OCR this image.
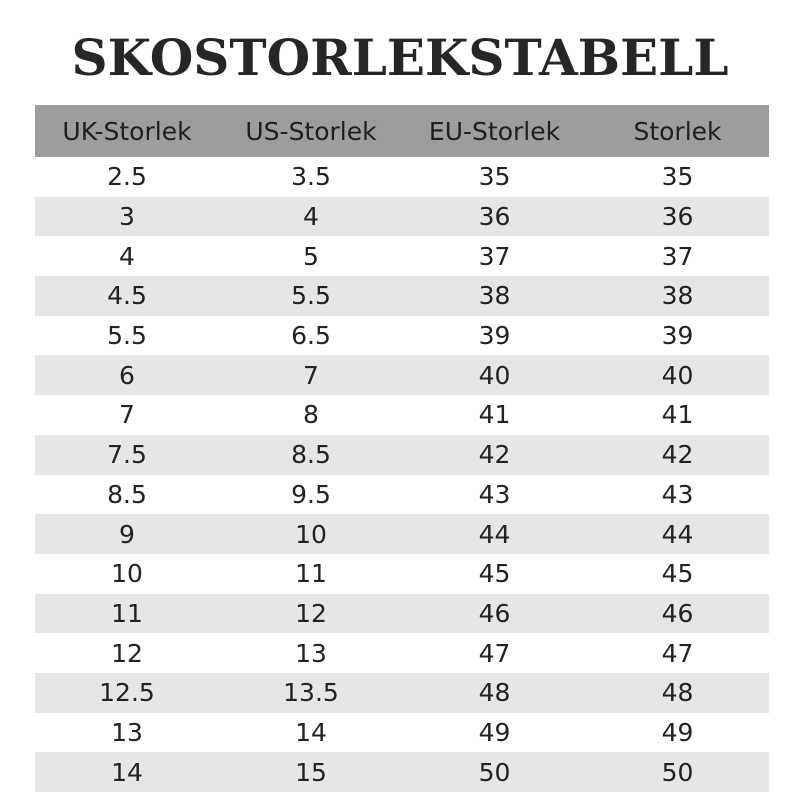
SKOSTORLEKSTABELL
UK-Storlek	US-Storlek	EU-Storlek	Storlek
2.5	3.5	35	35
3	4	36	36
4	5	37	37
4.5	5.5	38	38
5.5	6.5	39	39
6	7	40	40
7	8	41	41
7.5	8.5	42	42
8.5	9.5	43	43
9	10	44	44
10	11	45	45
11	12	46	46
12	13	47	47
12.5	13.5	48	48
13	14	49	49
14	15	50	50
